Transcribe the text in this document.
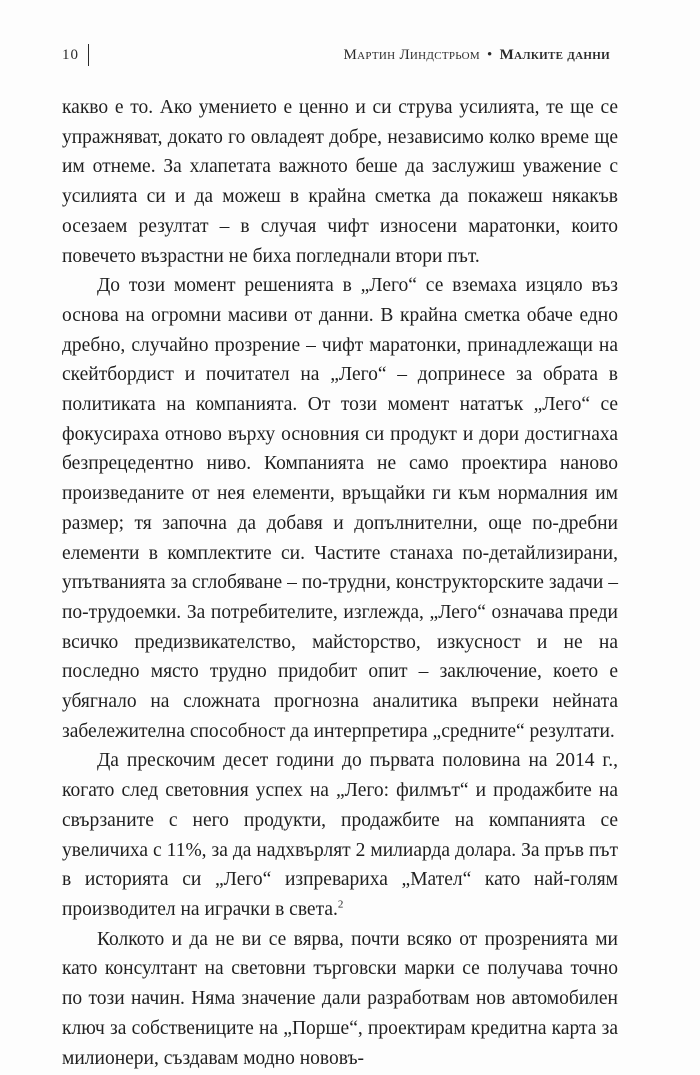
10	Мартин Линдстрьом • Малките данни

какво е то. Ако умението е ценно и си струва усилията, те ще се упражняват, докато го овладеят добре, независимо колко време ще им отнеме. За хлапетата важното беше да заслужиш уважение с усилията си и да можеш в крайна сметка да покажеш някакъв осезаем резултат – в случая чифт износени маратонки, които повечето възрастни не биха погледнали втори път.

До този момент решенията в „Лего“ се вземаха изцяло въз основа на огромни масиви от данни. В крайна сметка обаче едно дребно, случайно прозрение – чифт маратонки, принадлежащи на скейтбордист и почитател на „Лего“ – допринесе за обрата в политиката на компанията. От този момент нататък „Лего“ се фокусираха отново върху основния си продукт и дори достигнаха безпрецедентно ниво. Компанията не само проектира наново произведаните от нея елементи, връщайки ги към нормалния им размер; тя започна да добавя и допълнителни, още по-дребни елементи в комплектите си. Частите станаха по-детайлизирани, упътванията за сглобяване – по-трудни, конструкторските задачи – по-трудоемки. За потребителите, изглежда, „Лего“ означава преди всичко предизвикателство, майсторство, изкусност и не на последно място трудно придобит опит – заключение, което е убягнало на сложната прогнозна аналитика въпреки нейната забележителна способност да интерпретира „средните“ резултати.

Да прескочим десет години до първата половина на 2014 г., когато след световния успех на „Лего: филмът“ и продажбите на свързаните с него продукти, продажбите на компанията се увеличиха с 11%, за да надхвърлят 2 милиарда долара. За пръв път в историята си „Лего“ изпревариха „Мател“ като най-голям производител на играчки в света.$^2$

Колкото и да не ви се вярва, почти всяко от прозренията ми като консултант на световни търговски марки се получава точно по този начин. Няма значение дали разработвам нов автомобилен ключ за собствениците на „Порше“, проектирам кредитна карта за милионери, създавам модно нововъ-
